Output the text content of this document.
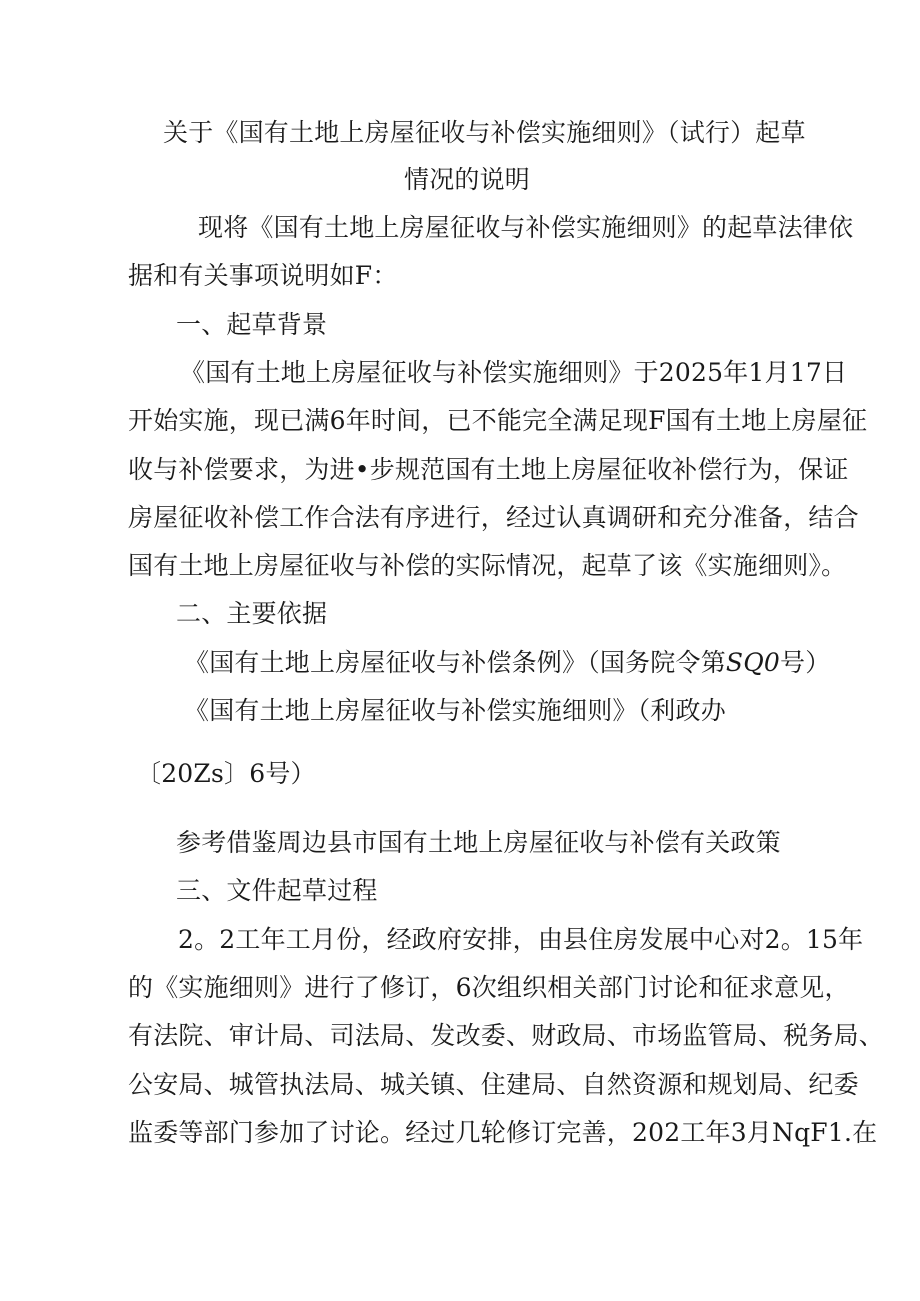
关于《国有土地上房屋征收与补偿实施细则》（试行）起草
情况的说明
现将《国有土地上房屋征收与补偿实施细则》的起草法律依
据和有关事项说明如F：
一、起草背景
《国有土地上房屋征收与补偿实施细则》于2025年1月17日
开始实施，现已满6年时间，已不能完全满足现F国有土地上房屋征
收与补偿要求，为进•步规范国有土地上房屋征收补偿行为，保证
房屋征收补偿工作合法有序进行，经过认真调研和充分准备，结合
国有土地上房屋征收与补偿的实际情况，起草了该《实施细则》。
二、主要依据
《国有土地上房屋征收与补偿条例》（国务院令第SQ0号）
《国有土地上房屋征收与补偿实施细则》（利政办
〔20Zs〕6号）
参考借鉴周边县市国有土地上房屋征收与补偿有关政策
三、文件起草过程
2。2工年工月份，经政府安排，由县住房发展中心对2。15年
的《实施细则》进行了修订，6次组织相关部门讨论和征求意见，
有法院、审计局、司法局、发改委、财政局、市场监管局、税务局、
公安局、城管执法局、城关镇、住建局、自然资源和规划局、纪委
监委等部门参加了讨论。经过几轮修订完善，202工年3月NqF1.在
